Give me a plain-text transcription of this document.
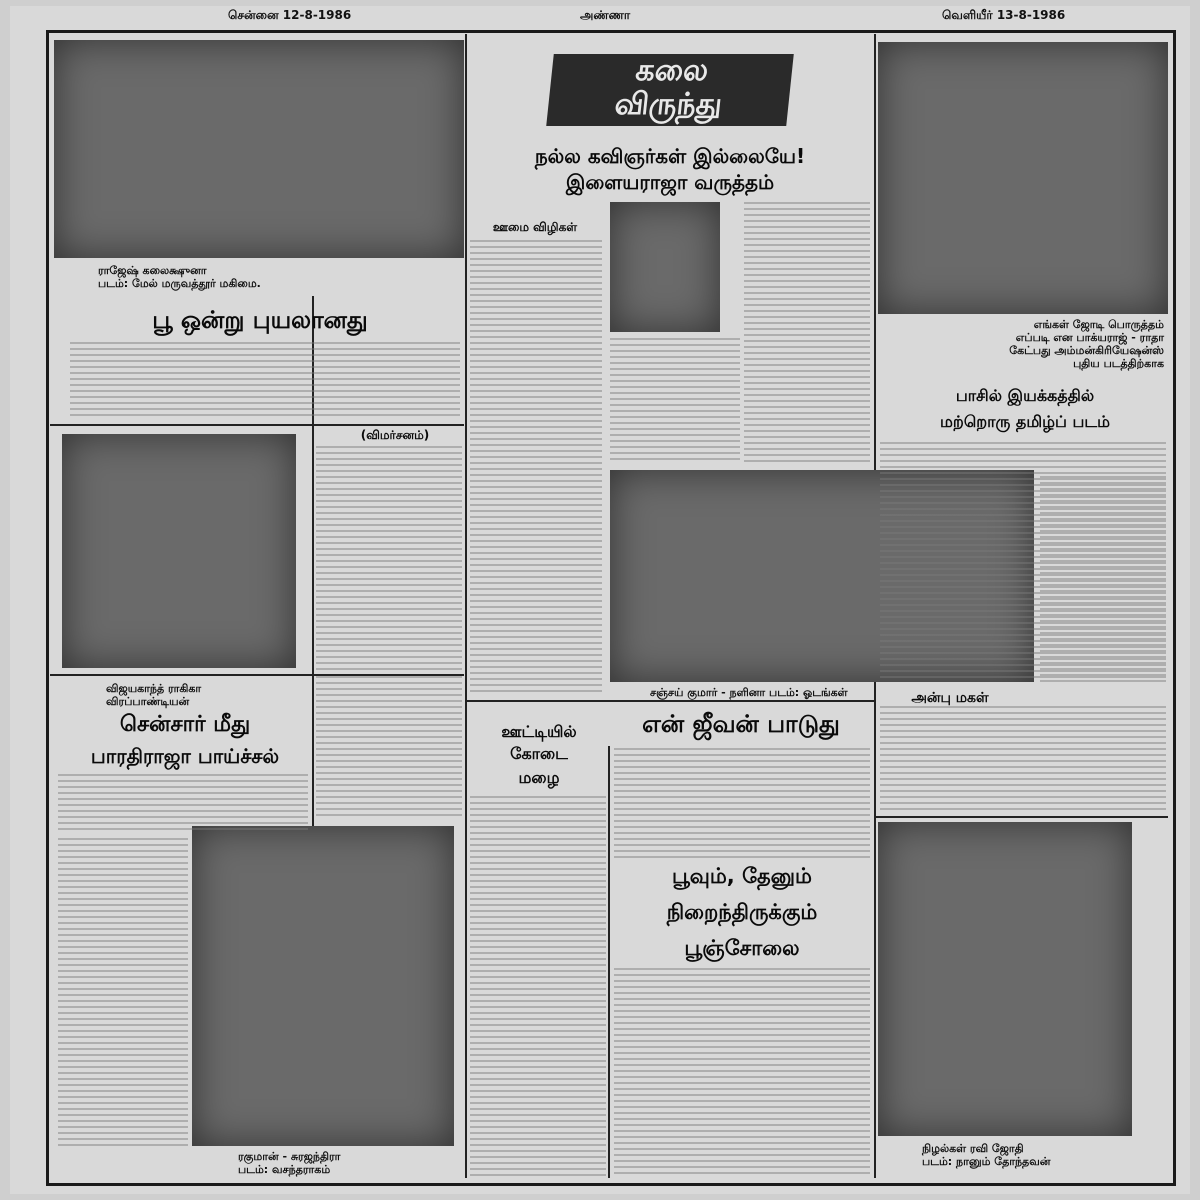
சென்னை 12-8-1986	அண்ணா	வெளியீர் 13-8-1986
கலை
விருந்து
நல்ல கவிஞர்கள் இல்லையே!
இளையராஜா வருத்தம்
ஊமை விழிகள்
பூ ஒன்று புயலானது
(விமர்சனம்)
சென்சார் மீது
பாரதிராஜா பாய்ச்சல்
பாசில் இயக்கத்தில்
மற்றொரு தமிழ்ப் படம்
என் ஜீவன் பாடுது
ஊட்டியில்
கோடை
மழை
பூவும், தேனும்
நிறைந்திருக்கும்
பூஞ்சோலை
அன்பு மகள்
ராஜேஷ் கலைக்ஷுனா
படம்: மேல் மருவத்தூர் மகிமை.
எங்கள் ஜோடி பொருத்தம்
எப்படி என பாக்யராஜ் - ராதா
கேட்பது அம்மன்கிரியேஷன்ஸ்
புதிய படத்திற்காக
விஜயகாந்த் ராகிகா
விரப்பாண்டியன்
சஞ்சய் குமார் - நளினா படம்: ஓடங்கள்
ரகுமான் - சுரஜந்திரா
படம்: வசந்தராகம்
நிழல்கள் ரவி ஜோதி
படம்: நானும் தோந்தவன்
